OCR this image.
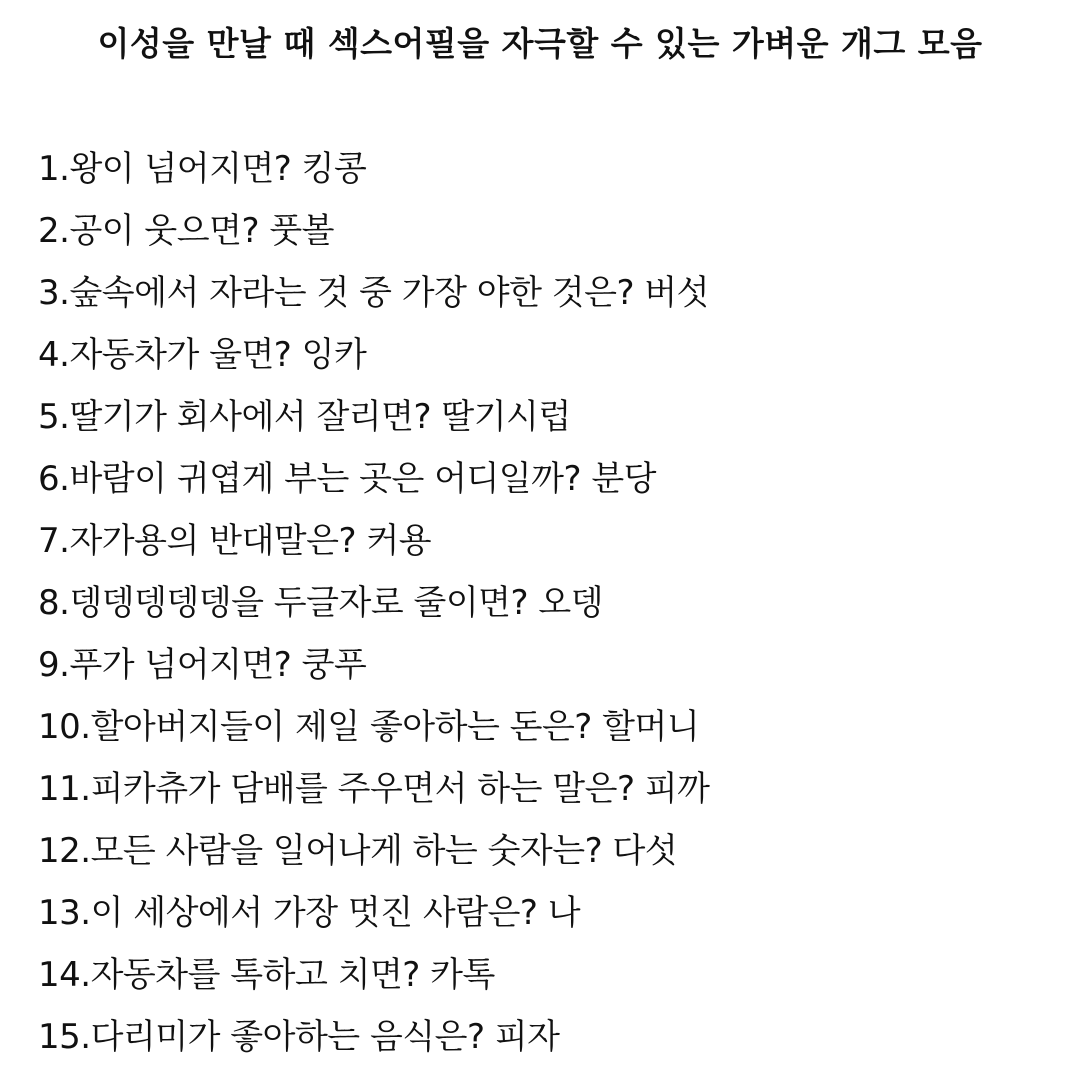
이성을 만날 때 섹스어필을 자극할 수 있는 가벼운 개그 모음
1.왕이 넘어지면? 킹콩
2.공이 웃으면? 풋볼
3.숲속에서 자라는 것 중 가장 야한 것은? 버섯
4.자동차가 울면? 잉카
5.딸기가 회사에서 잘리면? 딸기시럽
6.바람이 귀엽게 부는 곳은 어디일까? 분당
7.자가용의 반대말은? 커용
8.뎅뎅뎅뎅뎅을 두글자로 줄이면? 오뎅
9.푸가 넘어지면? 쿵푸
10.할아버지들이 제일 좋아하는 돈은? 할머니
11.피카츄가 담배를 주우면서 하는 말은? 피까
12.모든 사람을 일어나게 하는 숫자는? 다섯
13.이 세상에서 가장 멋진 사람은? 나
14.자동차를 톡하고 치면? 카톡
15.다리미가 좋아하는 음식은? 피자
